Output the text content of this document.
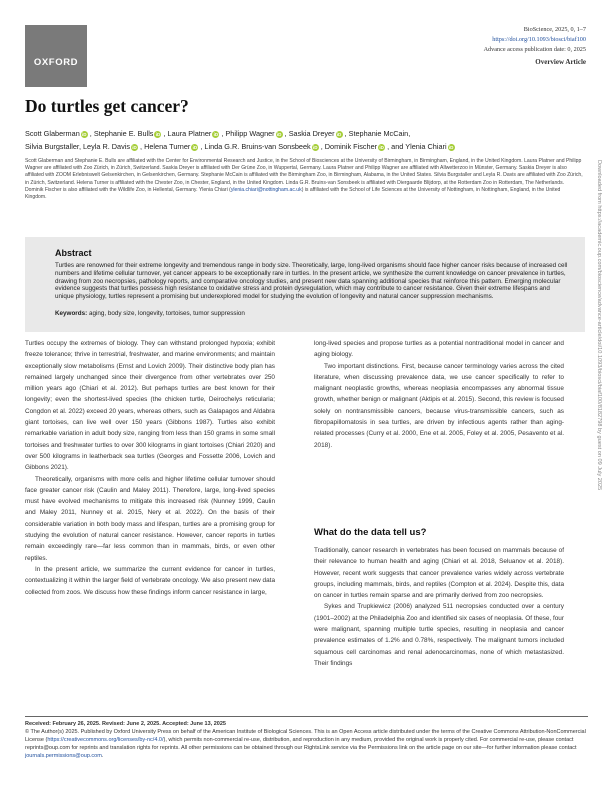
OXFORD
BioScience, 2025, 0, 1–7
https://doi.org/10.1093/biosci/biaf100
Advance access publication date: 0, 2025
Overview Article
Do turtles get cancer?
Scott Glaberman iD , Stephanie E. Bulls iD , Laura Platner iD , Philipp Wagner iD , Saskia Dreyer iD , Stephanie McCain,
Silvia Burgstaller, Leyla R. Davis iD , Helena Turner iD , Linda G.R. Bruins-van Sonsbeek iD , Dominik Fischer iD , and Ylenia Chiari iD
Scott Glaberman and Stephanie E. Bulls are affiliated with the Center for Environmental Research and Justice, in the School of Biosciences at the University of Birmingham, in Birmingham, England, in the United Kingdom. Laura Platner and Philipp Wagner are affiliated with Zoo Zürich, in Zürich, Switzerland. Saskia Dreyer is affiliated with Der Grüne Zoo, in Wuppertal, Germany. Laura Platner and Philipp Wagner are affiliated with Allwetterzoo in Münster, Germany. Saskia Dreyer is also affiliated with ZOOM Erlebniswelt Gelsenkirchen, in Gelsenkirchen, Germany. Stephanie McCain is affiliated with the Birmingham Zoo, in Birmingham, Alabama, in the United States. Silvia Burgstaller and Leyla R. Davis are affiliated with Zoo Zürich, in Zürich, Switzerland. Helena Turner is affiliated with the Chester Zoo, in Chester, England, in the United Kingdom. Linda G.R. Bruins-van Sonsbeek is affiliated with Diergaarde Blijdorp, at the Rotterdam Zoo in Rotterdam, The Netherlands. Dominik Fischer is also affiliated with the Wildlife Zoo, in Hellental, Germany. Ylenia Chiari (ylenia.chiari@nottingham.ac.uk) is affiliated with the School of Life Sciences at the University of Nottingham, in Nottingham, England, in the United Kingdom.
Abstract
Turtles are renowned for their extreme longevity and tremendous range in body size. Theoretically, large, long-lived organisms should face higher cancer risks because of increased cell numbers and lifetime cellular turnover, yet cancer appears to be exceptionally rare in turtles. In the present article, we synthesize the current knowledge on cancer prevalence in turtles, drawing from zoo necropsies, pathology reports, and comparative oncology studies, and present new data spanning additional species that reinforce this pattern. Emerging molecular evidence suggests that turtles possess high resistance to oxidative stress and protein dysregulation, which may contribute to cancer resistance. Given their extreme lifespans and unique physiology, turtles represent a promising but underexplored model for studying the evolution of longevity and natural cancer suppression mechanisms.
Keywords: aging, body size, longevity, tortoises, tumor suppression

Turtles occupy the extremes of biology. They can withstand prolonged hypoxia; exhibit freeze tolerance; thrive in terrestrial, freshwater, and marine environments; and maintain exceptionally slow metabolisms (Ernst and Lovich 2009). Their distinctive body plan has remained largely unchanged since their divergence from other vertebrates over 250 million years ago (Chiari et al. 2012). But perhaps turtles are best known for their longevity; even the shortest-lived species (the chicken turtle, Deirochelys reticularia; Congdon et al. 2022) exceed 20 years, whereas others, such as Galapagos and Aldabra giant tortoises, can live well over 150 years (Gibbons 1987). Turtles also exhibit remarkable variation in adult body size, ranging from less than 150 grams in some small tortoises and freshwater turtles to over 300 kilograms in giant tortoises (Chiari 2020) and over 500 kilograms in leatherback sea turtles (Georges and Fossette 2006, Lovich and Gibbons 2021).

Theoretically, organisms with more cells and higher lifetime cellular turnover should face greater cancer risk (Caulin and Maley 2011). Therefore, large, long-lived species must have evolved mechanisms to mitigate this increased risk (Nunney 1999, Caulin and Maley 2011, Nunney et al. 2015, Nery et al. 2022). On the basis of their considerable variation in both body mass and lifespan, turtles are a promising group for studying the evolution of natural cancer resistance. However, cancer reports in turtles remain exceedingly rare—far less common than in mammals, birds, or even other reptiles.

In the present article, we summarize the current evidence for cancer in turtles, contextualizing it within the larger field of vertebrate oncology. We also present new data collected from zoos. We discuss how these findings inform cancer resistance in large,

long-lived species and propose turtles as a potential nontraditional model in cancer and aging biology.

Two important distinctions. First, because cancer terminology varies across the cited literature, when discussing prevalence data, we use cancer specifically to refer to malignant neoplastic growths, whereas neoplasia encompasses any abnormal tissue growth, whether benign or malignant (Aktipis et al. 2015). Second, this review is focused solely on nontransmissible cancers, because virus-transmissible cancers, such as fibropapillomatosis in sea turtles, are driven by infectious agents rather than aging-related processes (Curry et al. 2000, Ene et al. 2005, Foley et al. 2005, Pesavento et al. 2018).

What do the data tell us?

Traditionally, cancer research in vertebrates has been focused on mammals because of their relevance to human health and aging (Chiari et al. 2018, Seluanov et al. 2018). However, recent work suggests that cancer prevalence varies widely across vertebrate groups, including mammals, birds, and reptiles (Compton et al. 2024). Despite this, data on cancer in turtles remain sparse and are primarily derived from zoo necropsies.

Sykes and Trupkiewicz (2006) analyzed 511 necropsies conducted over a century (1901–2002) at the Philadelphia Zoo and identified six cases of neoplasia. Of these, four were malignant, spanning multiple turtle species, resulting in neoplasia and cancer prevalence estimates of 1.2% and 0.78%, respectively. The malignant tumors included squamous cell carcinomas and renal adenocarcinomas, none of which metastasized. Their findings

Received: February 26, 2025. Revised: June 2, 2025. Accepted: June 13, 2025
© The Author(s) 2025. Published by Oxford University Press on behalf of the American Institute of Biological Sciences. This is an Open Access article distributed under the terms of the Creative Commons Attribution-NonCommercial License (https://creativecommons.org/licenses/by-nc/4.0/), which permits non-commercial re-use, distribution, and reproduction in any medium, provided the original work is properly cited. For commercial re-use, please contact reprints@oup.com for reprints and translation rights for reprints. All other permissions can be obtained through our RightsLink service via the Permissions link on the article page on our site—for further information please contact journals.permissions@oup.com.
Downloaded from https://academic.oup.com/bioscience/advance-article/doi/10.1093/biosci/biaf100/8182798 by guest on 09 July 2025
